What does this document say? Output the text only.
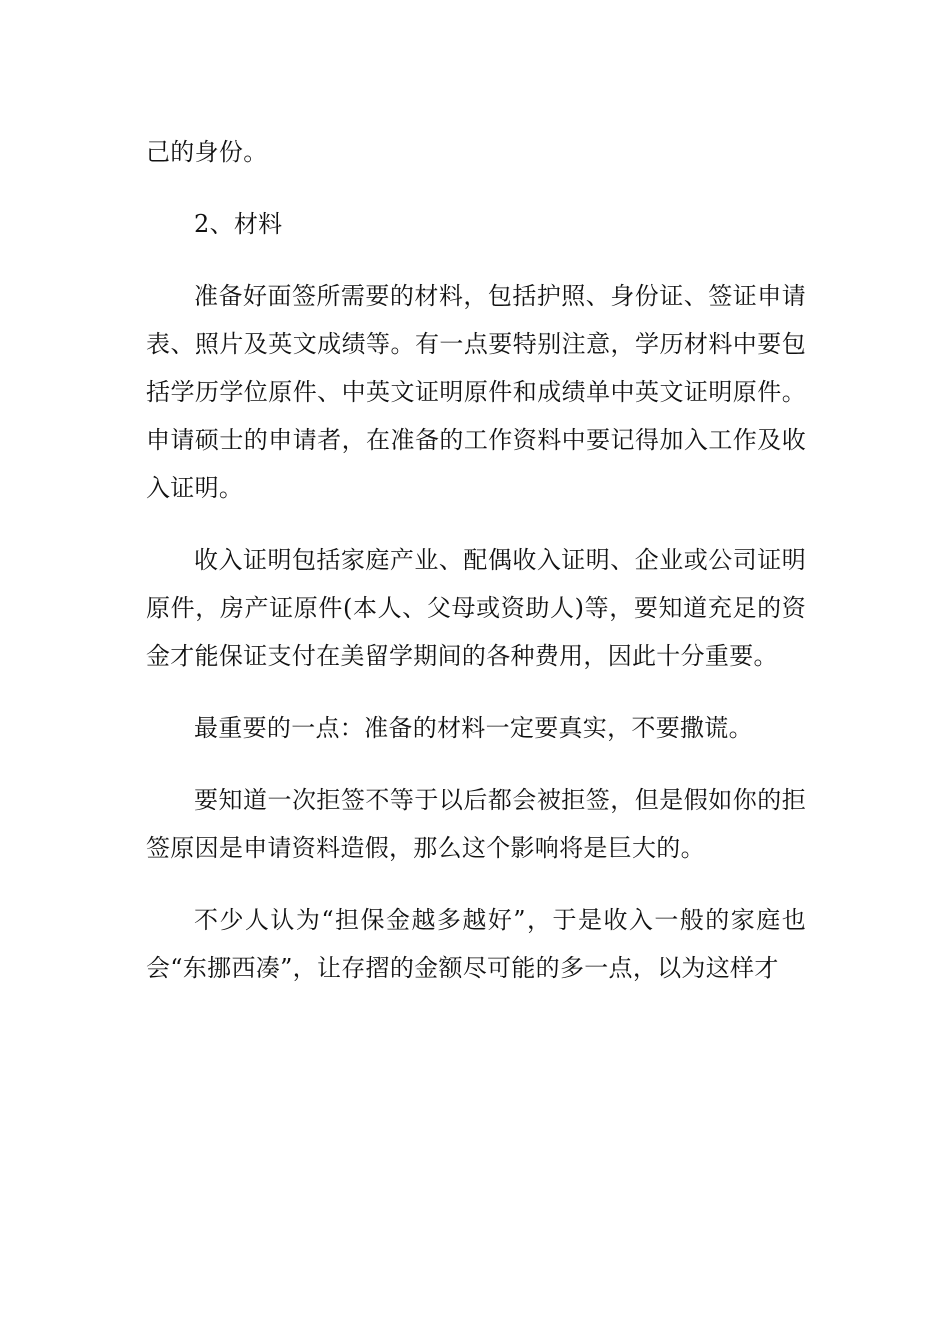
己的身份。

2、材料

准备好面签所需要的材料，包括护照、身份证、签证申请表、照片及英文成绩等。有一点要特别注意，学历材料中要包括学历学位原件、中英文证明原件和成绩单中英文证明原件。申请硕士的申请者，在准备的工作资料中要记得加入工作及收入证明。

收入证明包括家庭产业、配偶收入证明、企业或公司证明原件，房产证原件(本人、父母或资助人)等，要知道充足的资金才能保证支付在美留学期间的各种费用，因此十分重要。

最重要的一点：准备的材料一定要真实，不要撒谎。

要知道一次拒签不等于以后都会被拒签，但是假如你的拒签原因是申请资料造假，那么这个影响将是巨大的。

不少人认为“担保金越多越好”，于是收入一般的家庭也会“东挪西凑”，让存摺的金额尽可能的多一点，以为这样才
